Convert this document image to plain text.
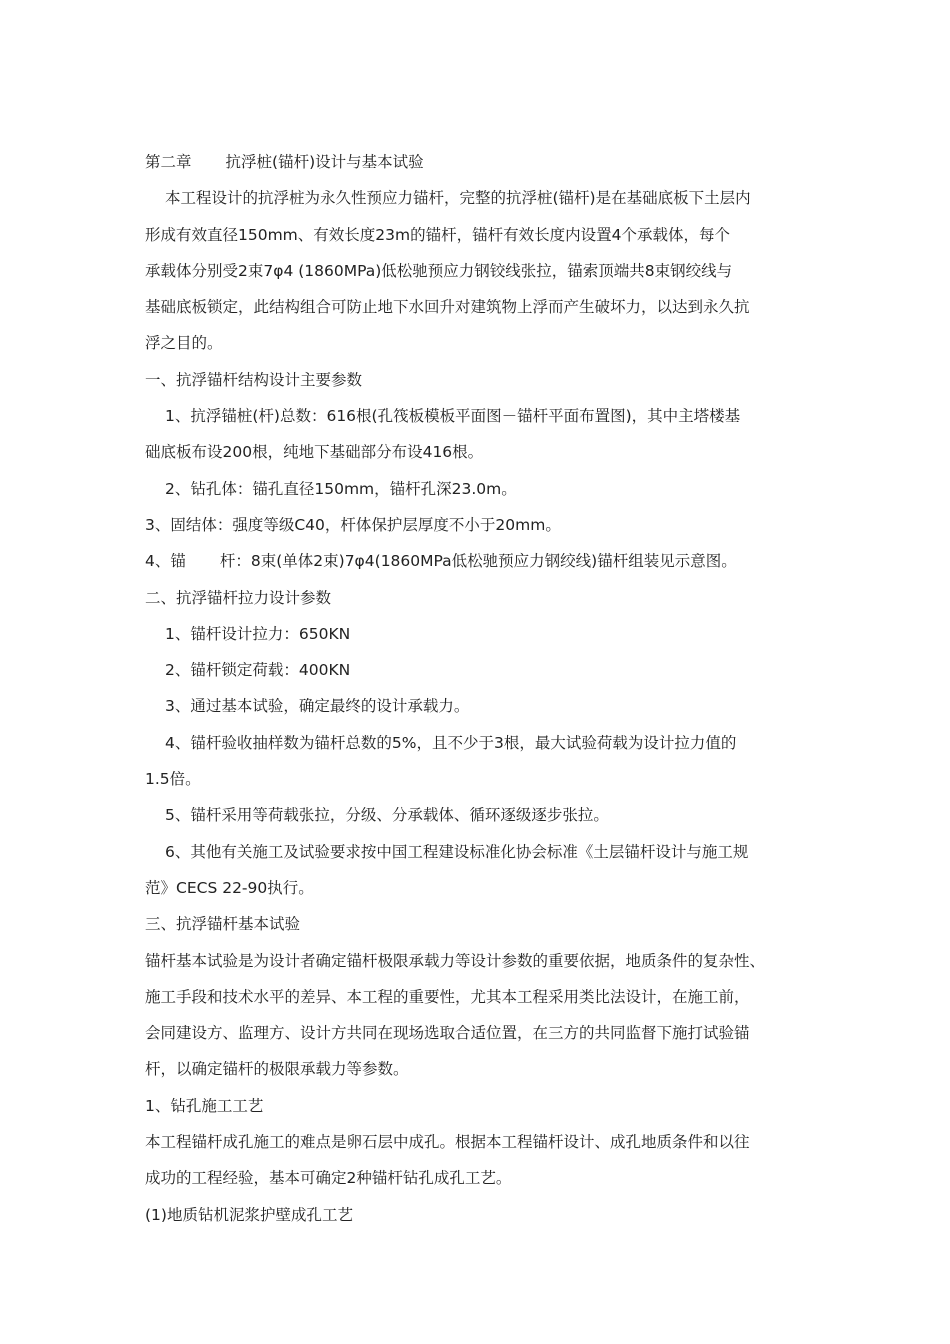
第二章 抗浮桩(锚杆)设计与基本试验
本工程设计的抗浮桩为永久性预应力锚杆，完整的抗浮桩(锚杆)是在基础底板下土层内
形成有效直径150mm、有效长度23m的锚杆，锚杆有效长度内设置4个承载体，每个
承载体分别受2束7φ4 (1860MPa)低松驰预应力钢铰线张拉，锚索顶端共8束钢绞线与
基础底板锁定，此结构组合可防止地下水回升对建筑物上浮而产生破坏力，以达到永久抗
浮之目的。
一、抗浮锚杆结构设计主要参数
1、抗浮锚桩(杆)总数：616根(孔筏板模板平面图－锚杆平面布置图)，其中主塔楼基
础底板布设200根，纯地下基础部分布设416根。
2、钻孔体：锚孔直径150mm，锚杆孔深23.0m。
3、固结体：强度等级C40，杆体保护层厚度不小于20mm。
4、锚 杆：8束(单体2束)7φ4(1860MPa低松驰预应力钢绞线)锚杆组装见示意图。
二、抗浮锚杆拉力设计参数
1、锚杆设计拉力：650KN
2、锚杆锁定荷载：400KN
3、通过基本试验，确定最终的设计承载力。
4、锚杆验收抽样数为锚杆总数的5%，且不少于3根，最大试验荷载为设计拉力值的
1.5倍。
5、锚杆采用等荷载张拉，分级、分承载体、循环逐级逐步张拉。
6、其他有关施工及试验要求按中国工程建设标准化协会标准《土层锚杆设计与施工规
范》CECS 22-90执行。
三、抗浮锚杆基本试验
锚杆基本试验是为设计者确定锚杆极限承载力等设计参数的重要依据，地质条件的复杂性、
施工手段和技术水平的差异、本工程的重要性，尤其本工程采用类比法设计，在施工前，
会同建设方、监理方、设计方共同在现场选取合适位置，在三方的共同监督下施打试验锚
杆，以确定锚杆的极限承载力等参数。
1、钻孔施工工艺
本工程锚杆成孔施工的难点是卵石层中成孔。根据本工程锚杆设计、成孔地质条件和以往
成功的工程经验，基本可确定2种锚杆钻孔成孔工艺。
(1)地质钻机泥浆护壁成孔工艺
